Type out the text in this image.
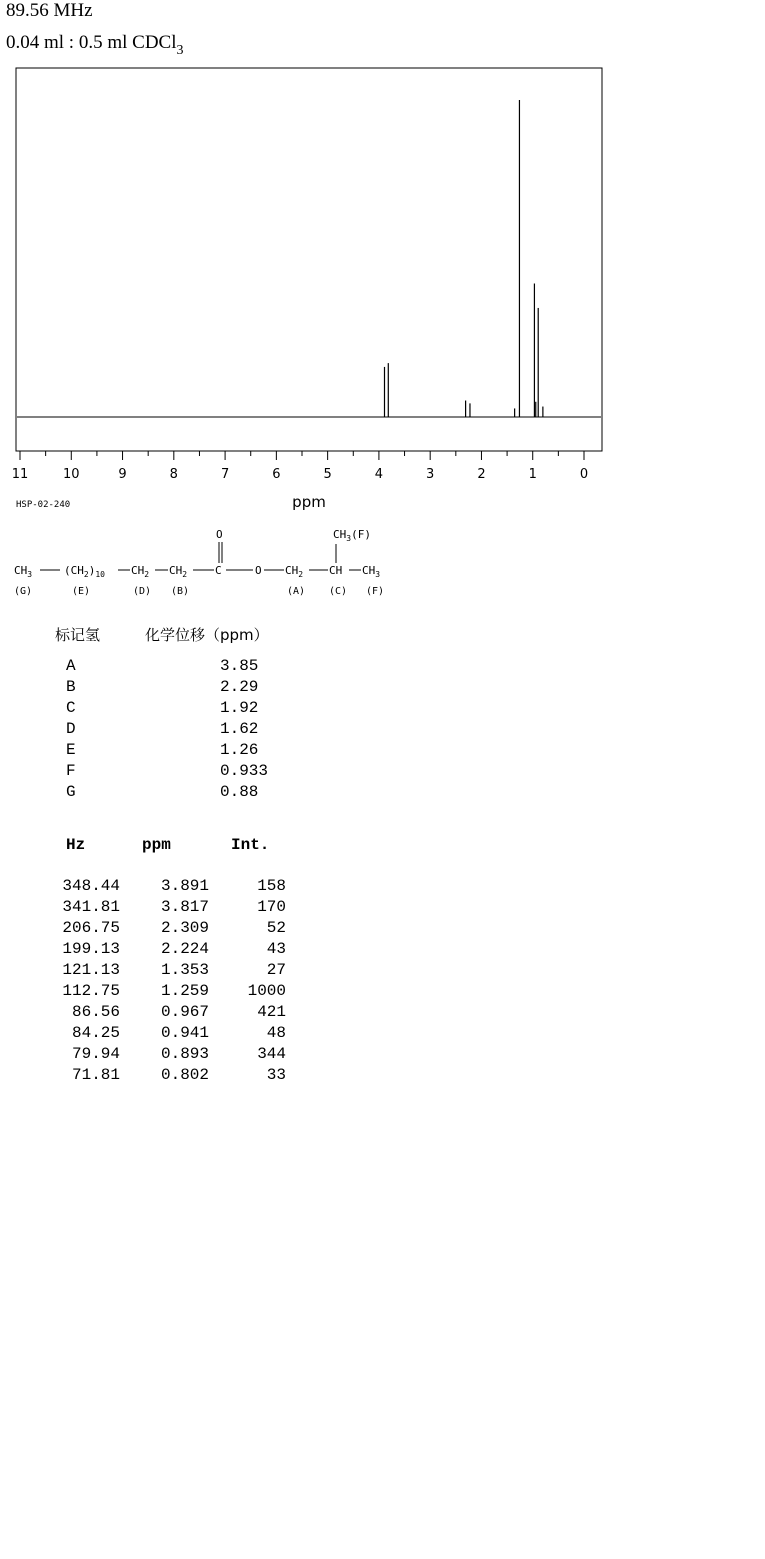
89.56 MHz
0.04 ml : 0.5 ml CDCl$_3$
11	10	9	8	7	6	5	4	3	2	1	0
ppm
HSP-02-240
$CH_3$	$(CH_2)_{10}$ $CH_2$ $CH_2$	C
O
O $CH_2$ CH
$CH_3(F)$
$CH_3$
(G)	(E)	(D) (B)	(A) (C) (F)
标记氢	化学位移（ppm）
A	3.85
B	2.29
C	1.92
D	1.62
E	1.26
F	0.933
G	0.88
Hz	ppm	Int.
348.44	3.891	158
341.81	3.817	170
206.75	2.309	52
199.13	2.224	43
121.13	1.353	27
112.75	1.259 1000
86.56	0.967	421
84.25	0.941	48
79.94	0.893	344
71.81	0.802	33
